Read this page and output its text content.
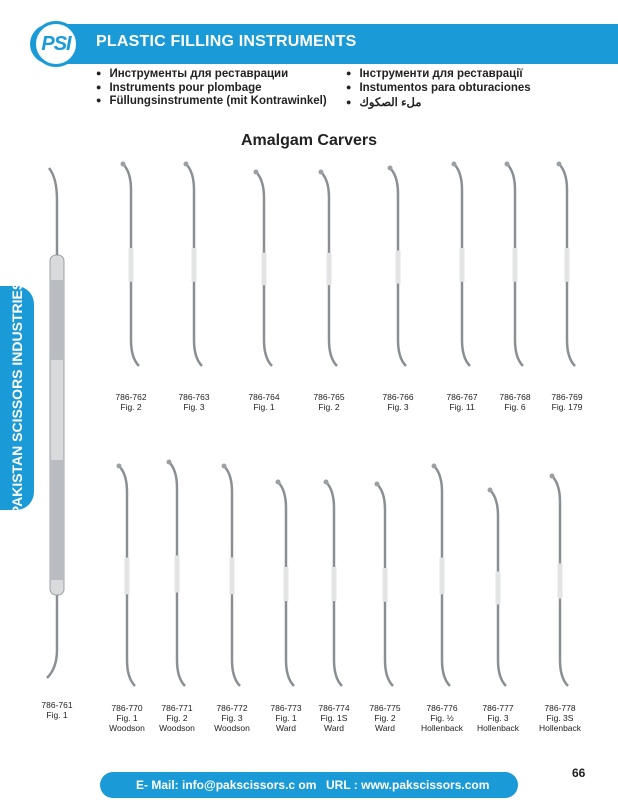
PSI	PLASTIC FILLING INSTRUMENTS
● Инструменты для реставрации
● Instruments pour plombage
● Füllungsinstrumente (mit Kontrawinkel)
● Інструменти для реставрації
● Instumentos para obturaciones
● ملء الصكوك
PAKISTAN SCISSORS INDUSTRIES
Amalgam Carvers
786-761
Fig. 1
786-762
Fig. 2
786-763
Fig. 3
786-764
Fig. 1
786-765
Fig. 2
786-766
Fig. 3
786-767
Fig. 11
786-768
Fig. 6
786-769
Fig. 179
786-770
Fig. 1
Woodson
786-771
Fig. 2
Woodson
786-772
Fig. 3
Woodson
786-773
Fig. 1
Ward
786-774
Fig. 1S
Ward
786-775
Fig. 2
Ward
786-776
Fig. ½
Hollenback
786-777
Fig. 3
Hollenback
786-778
Fig. 3S
Hollenback
E- Mail: info@pakscissors.c om URL : www.pakscissors.com
66
